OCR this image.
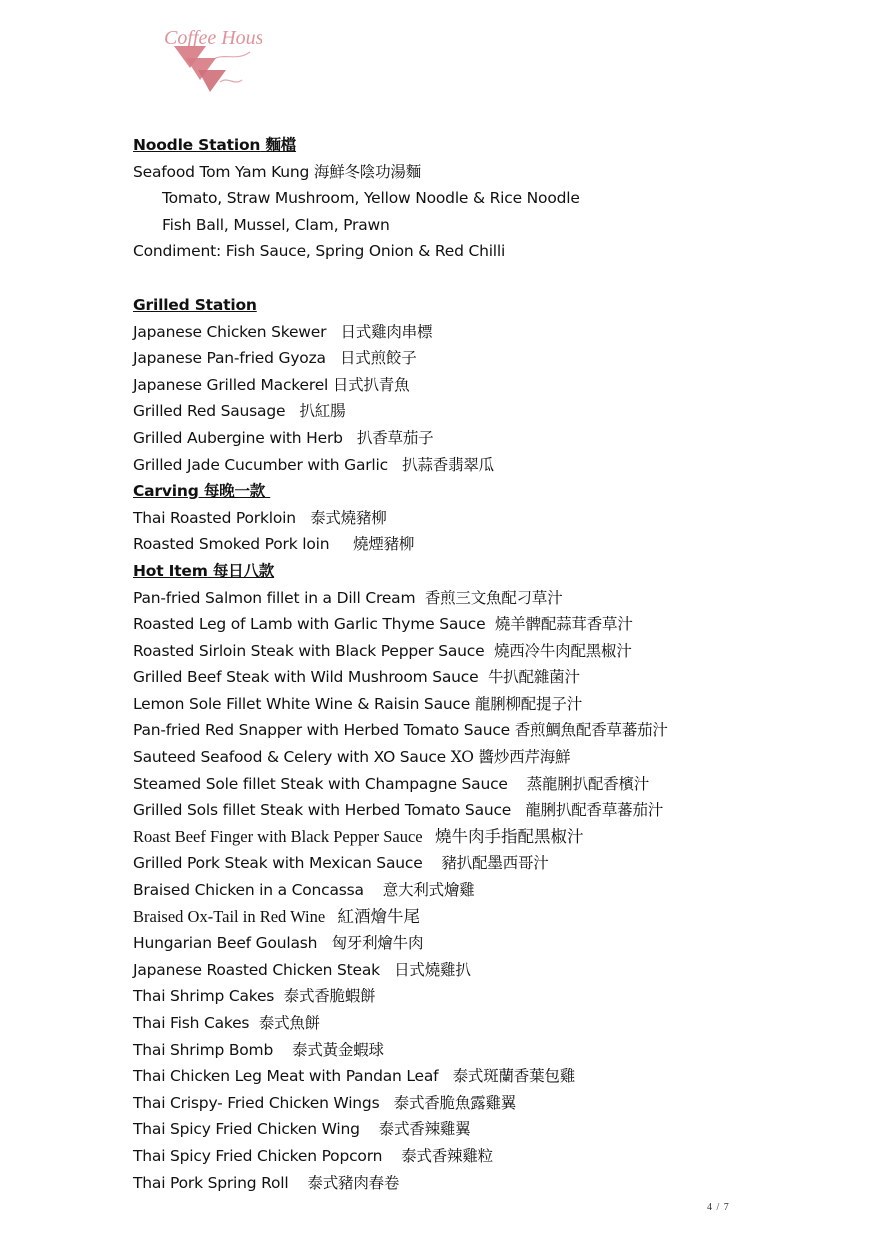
Coffee House
Noodle Station 麵檔
Seafood Tom Yam Kung 海鮮冬陰功湯麵
Tomato, Straw Mushroom, Yellow Noodle & Rice Noodle
Fish Ball, Mussel, Clam, Prawn
Condiment: Fish Sauce, Spring Onion & Red Chilli
Grilled Station
Japanese Chicken Skewer 日式雞肉串標
Japanese Pan-fried Gyoza 日式煎餃子
Japanese Grilled Mackerel 日式扒青魚
Grilled Red Sausage 扒紅腸
Grilled Aubergine with Herb 扒香草茄子
Grilled Jade Cucumber with Garlic 扒蒜香翡翠瓜
Carving 每晚一款
Thai Roasted Porkloin 泰式燒豬柳
Roasted Smoked Pork loin 燒煙豬柳
Hot Item 每日八款
Pan-fried Salmon fillet in a Dill Cream 香煎三文魚配刁草汁
Roasted Leg of Lamb with Garlic Thyme Sauce 燒羊髀配蒜茸香草汁
Roasted Sirloin Steak with Black Pepper Sauce 燒西冷牛肉配黑椒汁
Grilled Beef Steak with Wild Mushroom Sauce 牛扒配雜菌汁
Lemon Sole Fillet White Wine & Raisin Sauce 龍脷柳配提子汁
Pan-fried Red Snapper with Herbed Tomato Sauce 香煎鯛魚配香草蕃茄汁
Sauteed Seafood & Celery with XO Sauce XO 醬炒西芹海鮮
Steamed Sole fillet Steak with Champagne Sauce 蒸龍脷扒配香檳汁
Grilled Sols fillet Steak with Herbed Tomato Sauce 龍脷扒配香草蕃茄汁
Roast Beef Finger with Black Pepper Sauce 燒牛肉手指配黑椒汁
Grilled Pork Steak with Mexican Sauce 豬扒配墨西哥汁
Braised Chicken in a Concassa 意大利式燴雞
Braised Ox-Tail in Red Wine 紅酒燴牛尾
Hungarian Beef Goulash 匈牙利燴牛肉
Japanese Roasted Chicken Steak 日式燒雞扒
Thai Shrimp Cakes 泰式香脆蝦餅
Thai Fish Cakes 泰式魚餅
Thai Shrimp Bomb 泰式黃金蝦球
Thai Chicken Leg Meat with Pandan Leaf 泰式斑蘭香葉包雞
Thai Crispy- Fried Chicken Wings 泰式香脆魚露雞翼
Thai Spicy Fried Chicken Wing 泰式香辣雞翼
Thai Spicy Fried Chicken Popcorn 泰式香辣雞粒
Thai Pork Spring Roll 泰式豬肉春卷
4 / 7
